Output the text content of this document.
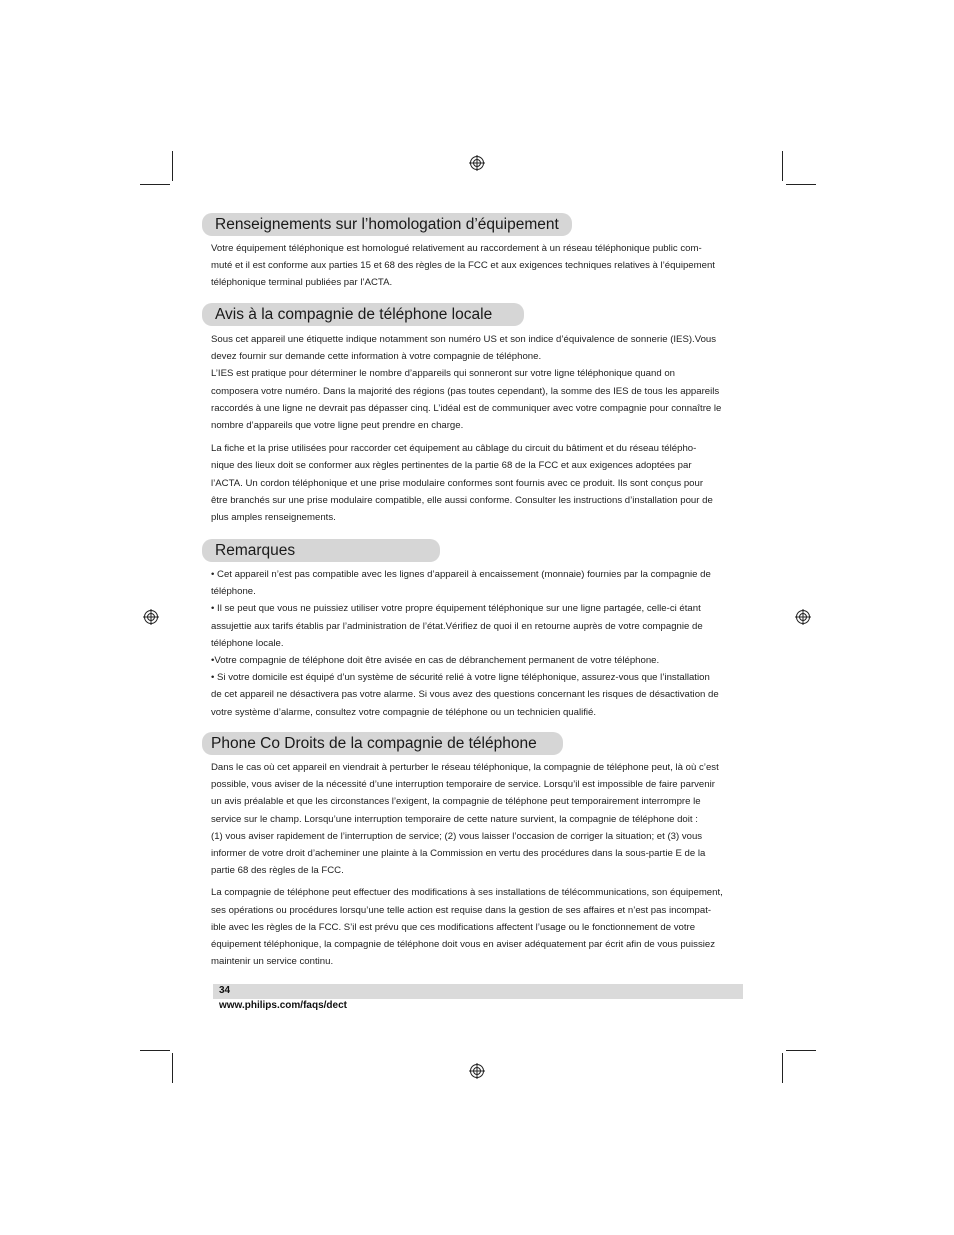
Renseignements sur l’homologation d’équipement

Votre équipement téléphonique est homologué relativement au raccordement à un réseau téléphonique public com-
muté et il est conforme aux parties 15 et 68 des règles de la FCC et aux exigences techniques relatives à l’équipement
téléphonique terminal publiées par l’ACTA.

Avis à la compagnie de téléphone locale

Sous cet appareil une étiquette indique notamment son numéro US et son indice d’équivalence de sonnerie (IES).Vous
devez fournir sur demande cette information à votre compagnie de téléphone.

L’IES est pratique pour déterminer le nombre d’appareils qui sonneront sur votre ligne téléphonique quand on
composera votre numéro. Dans la majorité des régions (pas toutes cependant), la somme des IES de tous les appareils
raccordés à une ligne ne devrait pas dépasser cinq. L’idéal est de communiquer avec votre compagnie pour connaître le
nombre d’appareils que votre ligne peut prendre en charge.

La fiche et la prise utilisées pour raccorder cet équipement au câblage du circuit du bâtiment et du réseau télépho-
nique des lieux doit se conformer aux règles pertinentes de la partie 68 de la FCC et aux exigences adoptées par
l’ACTA. Un cordon téléphonique et une prise modulaire conformes sont fournis avec ce produit. Ils sont conçus pour
être branchés sur une prise modulaire compatible, elle aussi conforme. Consulter les instructions d’installation pour de
plus amples renseignements.

Remarques

• Cet appareil n’est pas compatible avec les lignes d’appareil à encaissement (monnaie) fournies par la compagnie de
téléphone.

• Il se peut que vous ne puissiez utiliser votre propre équipement téléphonique sur une ligne partagée, celle-ci étant
assujettie aux tarifs établis par l’administration de l’état.Vérifiez de quoi il en retourne auprès de votre compagnie de
téléphone locale.

•Votre compagnie de téléphone doit être avisée en cas de débranchement permanent de votre téléphone.

• Si votre domicile est équipé d’un système de sécurité relié à votre ligne téléphonique, assurez-vous que l’installation
de cet appareil ne désactivera pas votre alarme. Si vous avez des questions concernant les risques de désactivation de
votre système d’alarme, consultez votre compagnie de téléphone ou un technicien qualifié.

Phone Co Droits de la compagnie de téléphone

Dans le cas où cet appareil en viendrait à perturber le réseau téléphonique, la compagnie de téléphone peut, là où c’est
possible, vous aviser de la nécessité d’une interruption temporaire de service. Lorsqu’il est impossible de faire parvenir
un avis préalable et que les circonstances l’exigent, la compagnie de téléphone peut temporairement interrompre le
service sur le champ. Lorsqu’une interruption temporaire de cette nature survient, la compagnie de téléphone doit :
(1) vous aviser rapidement de l’interruption de service; (2) vous laisser l’occasion de corriger la situation; et (3) vous
informer de votre droit d’acheminer une plainte à la Commission en vertu des procédures dans la sous-partie E de la
partie 68 des règles de la FCC.

La compagnie de téléphone peut effectuer des modifications à ses installations de télécommunications, son équipement,
ses opérations ou procédures lorsqu’une telle action est requise dans la gestion de ses affaires et n’est pas incompat-
ible avec les règles de la FCC. S’il est prévu que ces modifications affectent l’usage ou le fonctionnement de votre
équipement téléphonique, la compagnie de téléphone doit vous en aviser adéquatement par écrit afin de vous puissiez
maintenir un service continu.

34
www.philips.com/faqs/dect
